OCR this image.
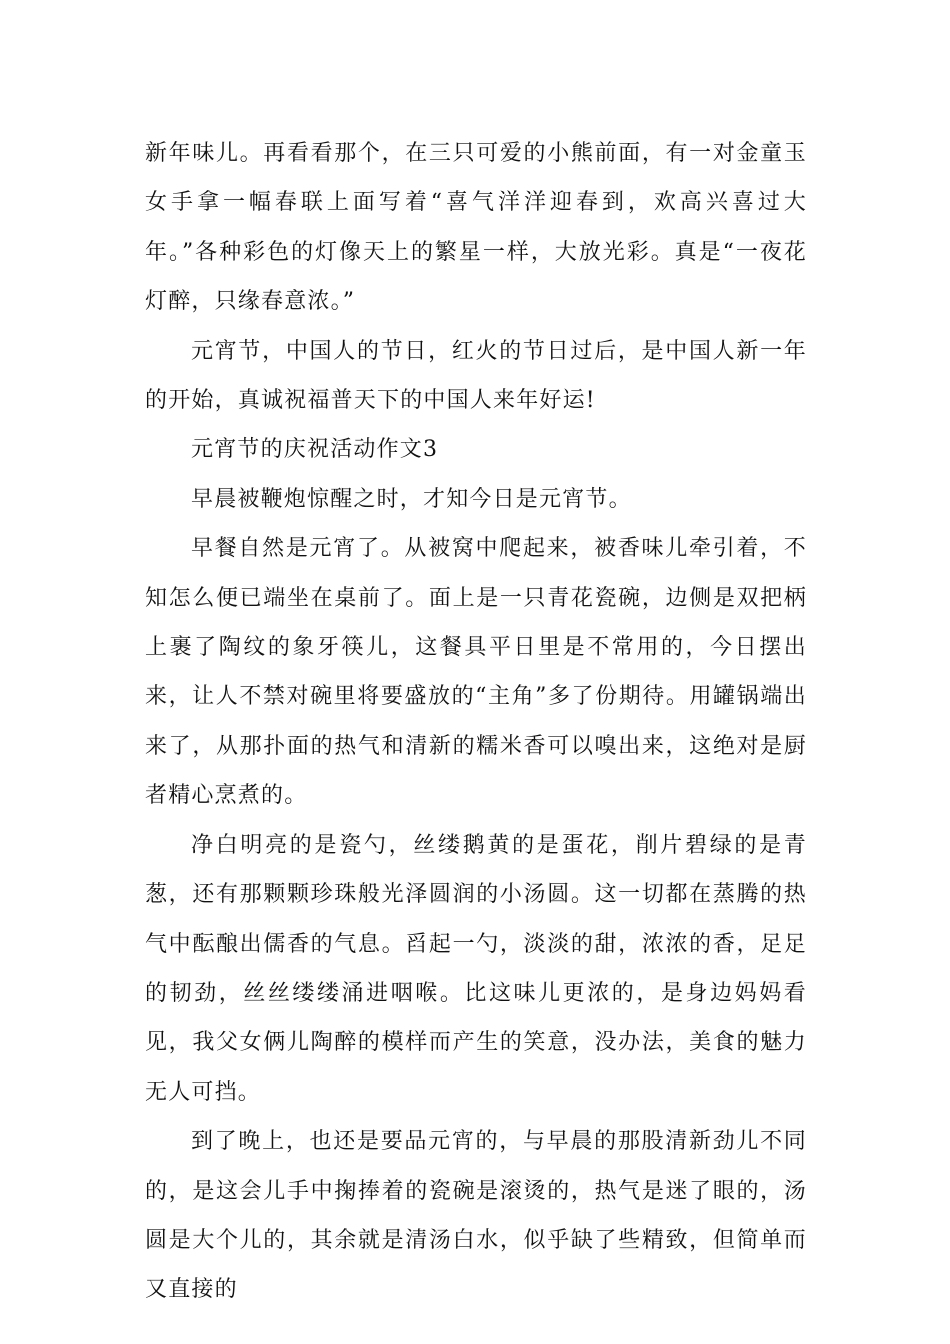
新年味儿。再看看那个，在三只可爱的小熊前面，有一对金童玉女手拿一幅春联上面写着“喜气洋洋迎春到，欢高兴喜过大年。”各种彩色的灯像天上的繁星一样，大放光彩。真是“一夜花灯醉，只缘春意浓。”

元宵节，中国人的节日，红火的节日过后，是中国人新一年的开始，真诚祝福普天下的中国人来年好运!

元宵节的庆祝活动作文3

早晨被鞭炮惊醒之时，才知今日是元宵节。

早餐自然是元宵了。从被窝中爬起来，被香味儿牵引着，不知怎么便已端坐在桌前了。面上是一只青花瓷碗，边侧是双把柄上裹了陶纹的象牙筷儿，这餐具平日里是不常用的，今日摆出来，让人不禁对碗里将要盛放的“主角”多了份期待。用罐锅端出来了，从那扑面的热气和清新的糯米香可以嗅出来，这绝对是厨者精心烹煮的。

净白明亮的是瓷勺，丝缕鹅黄的是蛋花，削片碧绿的是青葱，还有那颗颗珍珠般光泽圆润的小汤圆。这一切都在蒸腾的热气中酝酿出儒香的气息。舀起一勺，淡淡的甜，浓浓的香，足足的韧劲，丝丝缕缕涌进咽喉。比这味儿更浓的，是身边妈妈看见，我父女俩儿陶醉的模样而产生的笑意，没办法，美食的魅力无人可挡。

到了晚上，也还是要品元宵的，与早晨的那股清新劲儿不同的，是这会儿手中掬捧着的瓷碗是滚烫的，热气是迷了眼的，汤圆是大个儿的，其余就是清汤白水，似乎缺了些精致，但简单而又直接的
